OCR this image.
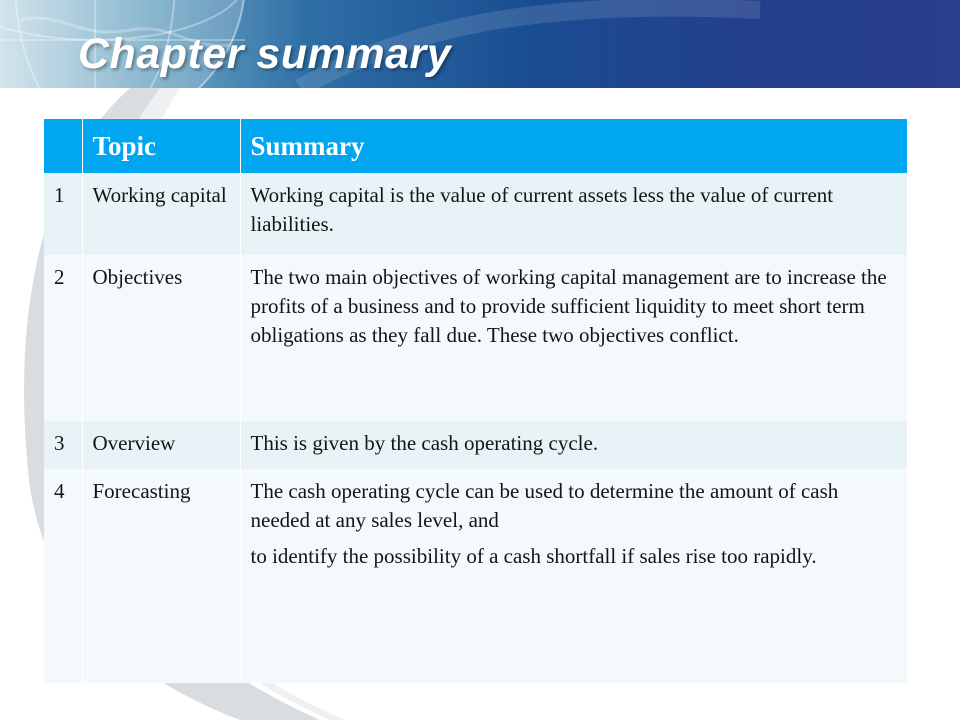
Chapter summary
	Topic	Summary
1	Working capital	Working capital is the value of current assets less the value of current liabilities.

2	Objectives	The two main objectives of working capital management are to increase the profits of a business and to provide sufficient liquidity to meet short term obligations as they fall due. These two objectives conflict.

3	Overview	This is given by the cash operating cycle.

4	Forecasting	The cash operating cycle can be used to determine the amount of cash needed at any sales level, and
to identify the possibility of a cash shortfall if sales rise too rapidly.
